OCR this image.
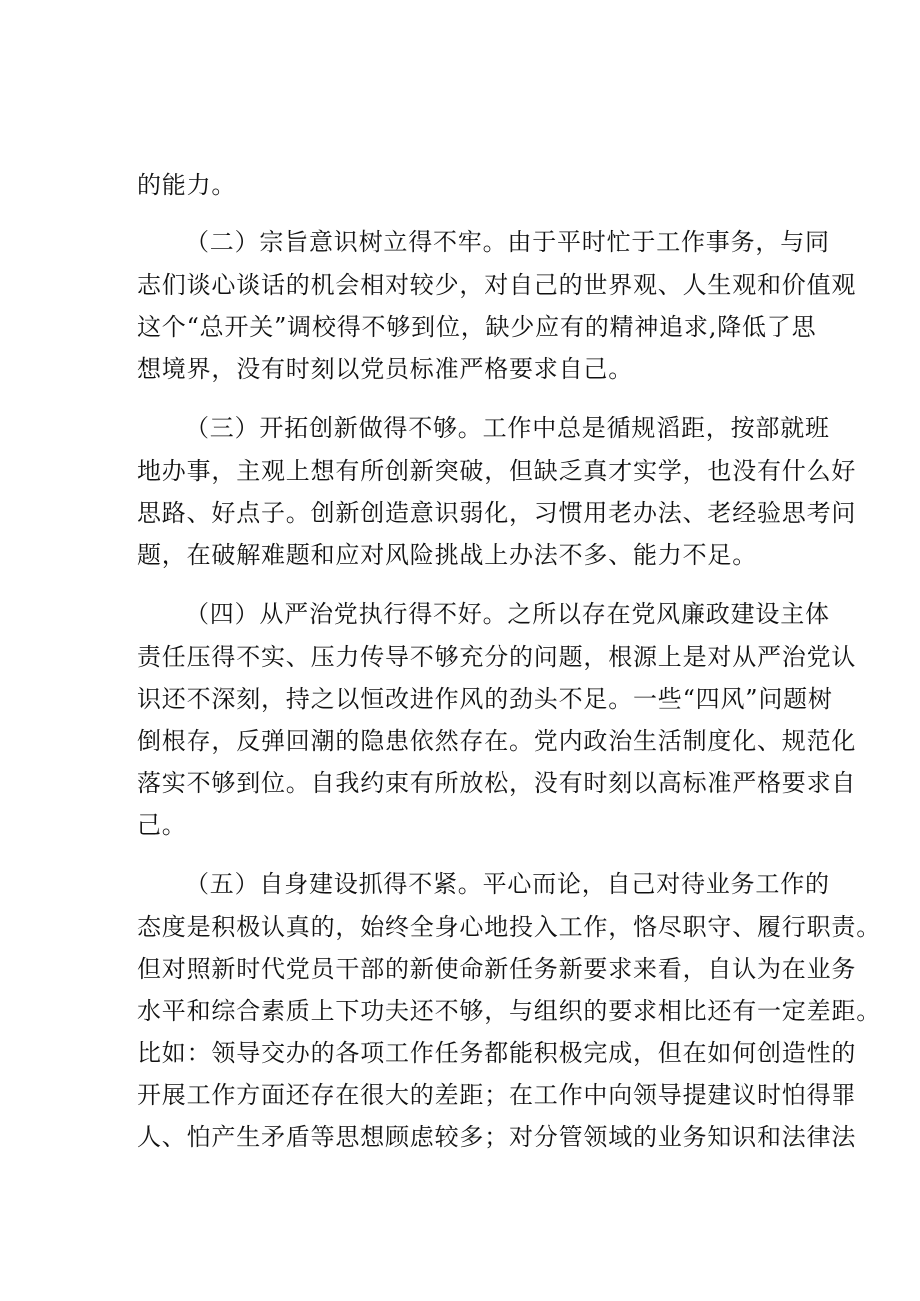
的能力。
（二）宗旨意识树立得不牢。由于平时忙于工作事务，与同
志们谈心谈话的机会相对较少，对自己的世界观、人生观和价值观
这个“总开关”调校得不够到位，缺少应有的精神追求,降低了思
想境界，没有时刻以党员标准严格要求自己。
（三）开拓创新做得不够。工作中总是循规滔距，按部就班
地办事，主观上想有所创新突破，但缺乏真才实学，也没有什么好
思路、好点子。创新创造意识弱化，习惯用老办法、老经验思考问
题，在破解难题和应对风险挑战上办法不多、能力不足。
（四）从严治党执行得不好。之所以存在党风廉政建设主体
责任压得不实、压力传导不够充分的问题，根源上是对从严治党认
识还不深刻，持之以恒改进作风的劲头不足。一些“四风”问题树
倒根存，反弹回潮的隐患依然存在。党内政治生活制度化、规范化
落实不够到位。自我约束有所放松，没有时刻以高标准严格要求自
己。
（五）自身建设抓得不紧。平心而论，自己对待业务工作的
态度是积极认真的，始终全身心地投入工作，恪尽职守、履行职责。
但对照新时代党员干部的新使命新任务新要求来看，自认为在业务
水平和综合素质上下功夫还不够，与组织的要求相比还有一定差距。
比如：领导交办的各项工作任务都能积极完成，但在如何创造性的
开展工作方面还存在很大的差距；在工作中向领导提建议时怕得罪
人、怕产生矛盾等思想顾虑较多；对分管领域的业务知识和法律法
